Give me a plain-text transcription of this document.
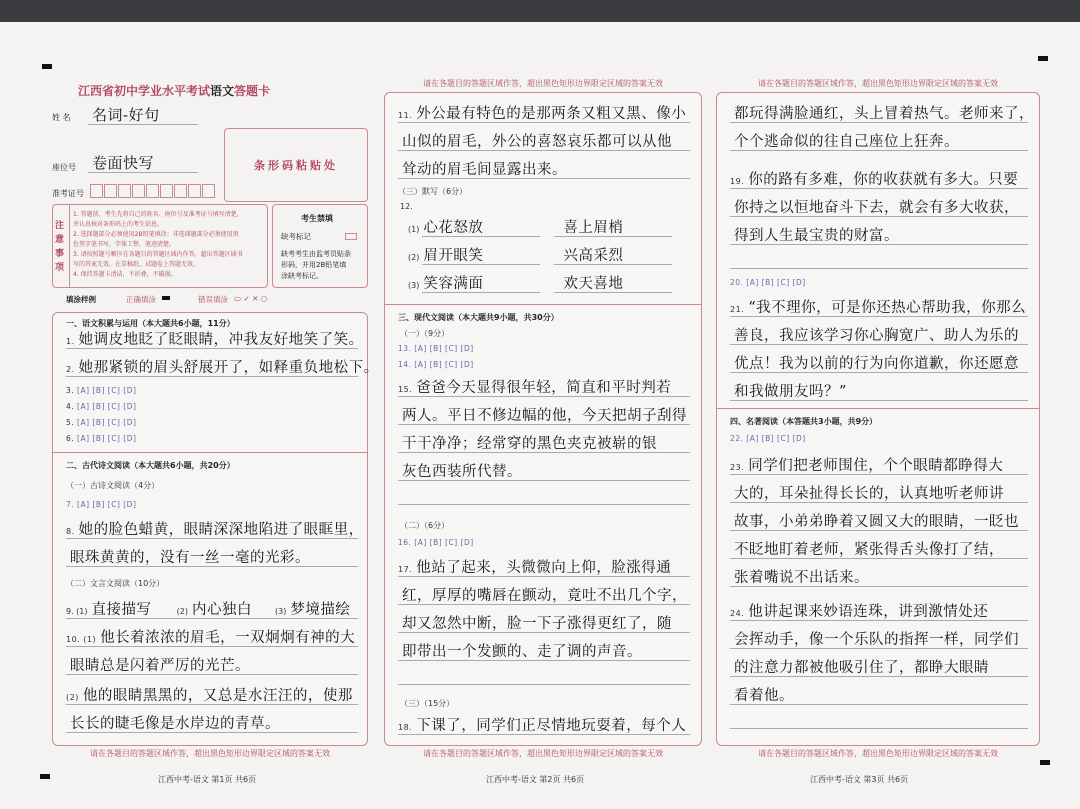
江西省初中学业水平考试语文答题卡
姓 名 名词-好句
座位号 卷面快写
准考证号
条形码粘贴处
注意事项
1. 答题前，考生先将自己的姓名、座位号及准考证号填写清楚，
并认真核对条形码上的考生信息。
2. 选择题部分必须使用2B铅笔填涂；非选择题部分必须使用黑
色签字笔书写，字体工整、笔迹清楚。
3. 请按照题号顺序在各题目的答题区域内作答，超出答题区域书
写的答案无效，在草稿纸、试题卷上答题无效。
4. 保持答题卡清洁，不折叠，不破损。
考生禁填
缺考标记
缺考考生由监考员贴条
形码，并用2B铅笔填
涂缺考标记。
填涂样例	正确填涂	错误填涂 ▭ ✓ ✕ ○
一、语文积累与运用（本大题共6小题，11分）
1. 她调皮地眨了眨眼睛，冲我友好地笑了笑。
2. 她那紧锁的眉头舒展开了，如释重负地松下。
3. [A] [B] [C] [D]
4. [A] [B] [C] [D]
5. [A] [B] [C] [D]
6. [A] [B] [C] [D]
二、古代诗文阅读（本大题共6小题，共20分）
（一）古诗文阅读（4分）
7. [A] [B] [C] [D]
8. 她的脸色蜡黄，眼睛深深地陷进了眼眶里，
眼珠黄黄的，没有一丝一毫的光彩。
（二）文言文阅读（10分）
9. (1) 直接描写	(2) 内心独白	(3) 梦境描绘
10. (1) 他长着浓浓的眉毛，一双炯炯有神的大
眼睛总是闪着严厉的光芒。
(2) 他的眼睛黑黑的，又总是水汪汪的，使那
长长的睫毛像是水岸边的青草。
请在各题目的答题区域作答，超出黑色矩形边界限定区域的答案无效
江西中考-语文 第1页 共6页
请在各题目的答题区域作答，超出黑色矩形边界限定区域的答案无效
11. 外公最有特色的是那两条又粗又黑、像小
山似的眉毛，外公的喜怒哀乐都可以从他
耸动的眉毛间显露出来。
（三）默写（6分）
12.
(1) 心花怒放	喜上眉梢
(2) 眉开眼笑	兴高采烈
(3) 笑容满面	欢天喜地
三、现代文阅读（本大题共9小题，共30分）
（一）（9分）
13. [A] [B] [C] [D]
14. [A] [B] [C] [D]
15. 爸爸今天显得很年轻，简直和平时判若
两人。平日不修边幅的他，今天把胡子刮得
干干净净；经常穿的黑色夹克被崭的银
灰色西装所代替。
（二）（6分）
16. [A] [B] [C] [D]
17. 他站了起来，头微微向上仰，脸涨得通
红，厚厚的嘴唇在颤动，竟吐不出几个字，
却又忽然中断，脸一下子涨得更红了，随
即带出一个发颤的、走了调的声音。
（三）（15分）
18. 下课了，同学们正尽情地玩耍着，每个人
请在各题目的答题区域作答，超出黑色矩形边界限定区域的答案无效
江西中考-语文 第2页 共6页
请在各题目的答题区域作答，超出黑色矩形边界限定区域的答案无效
都玩得满脸通红，头上冒着热气。老师来了，
个个逃命似的往自己座位上狂奔。
19. 你的路有多难，你的收获就有多大。只要
你持之以恒地奋斗下去，就会有多大收获，
得到人生最宝贵的财富。
20. [A] [B] [C] [D]
21. “我不理你，可是你还热心帮助我，你那么
善良，我应该学习你心胸宽广、助人为乐的
优点！我为以前的行为向你道歉，你还愿意
和我做朋友吗？”
四、名著阅读（本答题共3小题，共9分）
22. [A] [B] [C] [D]
23. 同学们把老师围住，个个眼睛都睁得大
大的，耳朵扯得长长的，认真地听老师讲
故事，小弟弟睁着又圆又大的眼睛，一眨也
不眨地盯着老师，紧张得舌头像打了结，
张着嘴说不出话来。
24. 他讲起课来妙语连珠，讲到激情处还
会挥动手，像一个乐队的指挥一样，同学们
的注意力都被他吸引住了，都睁大眼睛
看着他。
请在各题目的答题区域作答，超出黑色矩形边界限定区域的答案无效
江西中考-语文 第3页 共6页
